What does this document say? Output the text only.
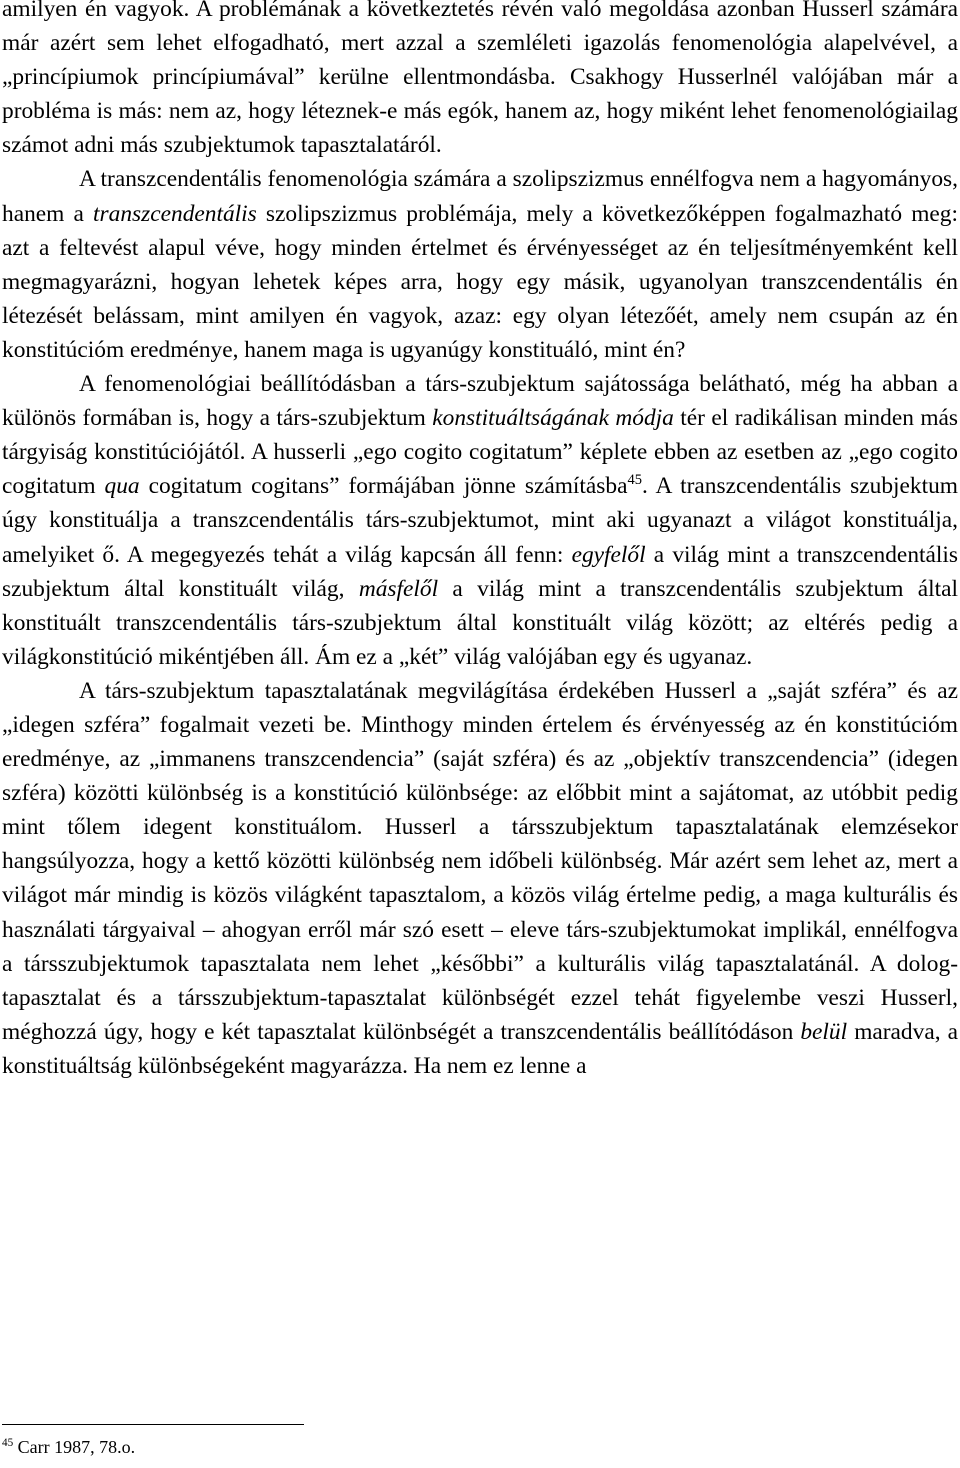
amilyen én vagyok. A problémának a következtetés révén való megoldása azonban Husserl számára már azért sem lehet elfogadható, mert azzal a szemléleti igazolás fenomenológia alapelvével, a „princípiumok princípiumával” kerülne ellentmondásba. Csakhogy Husserlnél valójában már a probléma is más: nem az, hogy léteznek-e más egók, hanem az, hogy miként lehet fenomenológiailag számot adni más szubjektumok tapasztalatáról.

A transzcendentális fenomenológia számára a szolipszizmus ennélfogva nem a hagyományos, hanem a transzcendentális szolipszizmus problémája, mely a következőképpen fogalmazható meg: azt a feltevést alapul véve, hogy minden értelmet és érvényességet az én teljesítményemként kell megmagyarázni, hogyan lehetek képes arra, hogy egy másik, ugyanolyan transzcendentális én létezését belássam, mint amilyen én vagyok, azaz: egy olyan létezőét, amely nem csupán az én konstitúcióm eredménye, hanem maga is ugyanúgy konstituáló, mint én?

A fenomenológiai beállítódásban a társ-szubjektum sajátossága belátható, még ha abban a különös formában is, hogy a társ-szubjektum konstituáltságának módja tér el radikálisan minden más tárgyiság konstitúciójától. A husserli „ego cogito cogitatum” képlete ebben az esetben az „ego cogito cogitatum qua cogitatum cogitans” formájában jönne számításba$^{45}$. A transzcendentális szubjektum úgy konstituálja a transzcendentális társ-szubjektumot, mint aki ugyanazt a világot konstituálja, amelyiket ő. A megegyezés tehát a világ kapcsán áll fenn: egyfelől a világ mint a transzcendentális szubjektum által konstituált világ, másfelől a világ mint a transzcendentális szubjektum által konstituált transzcendentális társ-szubjektum által konstituált világ között; az eltérés pedig a világkonstitúció mikéntjében áll. Ám ez a „két” világ valójában egy és ugyanaz.

A társ-szubjektum tapasztalatának megvilágítása érdekében Husserl a „saját szféra” és az „idegen szféra” fogalmait vezeti be. Minthogy minden értelem és érvényesség az én konstitúcióm eredménye, az „immanens transzcendencia” (saját szféra) és az „objektív transzcendencia” (idegen szféra) közötti különbség is a konstitúció különbsége: az előbbit mint a sajátomat, az utóbbit pedig mint tőlem idegent konstituálom. Husserl a társszubjektum tapasztalatának elemzésekor hangsúlyozza, hogy a kettő közötti különbség nem időbeli különbség. Már azért sem lehet az, mert a világot már mindig is közös világként tapasztalom, a közös világ értelme pedig, a maga kulturális és használati tárgyaival – ahogyan erről már szó esett – eleve társ-szubjektumokat implikál, ennélfogva a társszubjektumok tapasztalata nem lehet „későbbi” a kulturális világ tapasztalatánál. A dolog-tapasztalat és a társszubjektum-tapasztalat különbségét ezzel tehát figyelembe veszi Husserl, méghozzá úgy, hogy e két tapasztalat különbségét a transzcendentális beállítódáson belül maradva, a konstituáltság különbségeként magyarázza. Ha nem ez lenne a

$^{45}$ Carr 1987, 78.o.
